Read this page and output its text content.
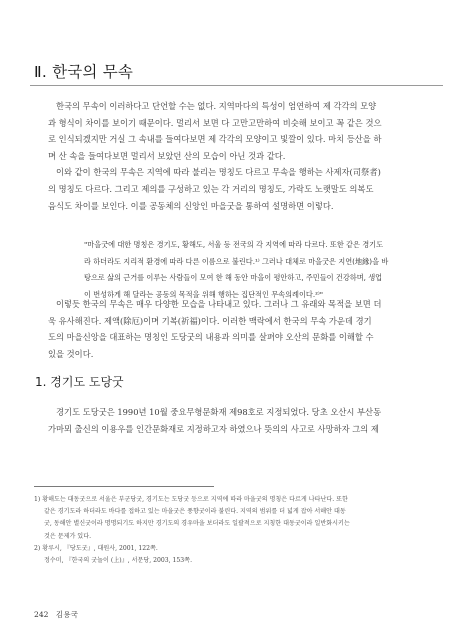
Ⅱ. 한국의 무속
한국의 무속이 이러하다고 단언할 수는 없다. 지역마다의 특성이 엄연하여 제 각각의 모양
과 형식이 차이를 보이기 때문이다. 멀리서 보면 다 고만고만하여 비슷해 보이고 꼭 같은 것으
로 인식되겠지만 거실 그 속내를 들여다보면 제 각각의 모양이고 빛깔이 있다. 마치 등산을 하
며 산 속을 들여다보면 멀리서 보았던 산의 모습이 아닌 것과 같다.
이와 같이 한국의 무속은 지역에 따라 불리는 명칭도 다르고 무속을 행하는 사제자(司祭者)
의 명칭도 다르다. 그리고 제의를 구성하고 있는 각 거리의 명칭도, 가락도 노랫말도 의복도
음식도 차이를 보인다. 이를 공동체의 신앙인 마을굿을 통하여 설명하면 이렇다.
"마을굿에 대한 명칭은 경기도, 황해도, 서울 등 전국의 각 지역에 따라 다르다. 또한 같은 경기도
라 하더라도 지리적 환경에 따라 다른 이름으로 불린다.¹⁾ 그러나 대체로 마을굿은 지연(地緣)을 바
탕으로 삶의 근거를 이루는 사람들이 모여 한 해 동안 마을이 평안하고, 주민들이 건강하며, 생업
이 번성하게 해 달라는 공동의 목적을 위해 행하는 집단적인 무속의례이다.²⁾"
이렇듯 한국의 무속은 매우 다양한 모습을 나타내고 있다. 그러나 그 유래와 목적을 보면 더
욱 유사해진다. 제액(除厄)이며 기복(祈福)이다. 이러한 맥락에서 한국의 무속 가운데 경기
도의 마을신앙을 대표하는 명칭인 도당굿의 내용과 의미를 살펴야 오산의 문화를 이해할 수
있을 것이다.
1. 경기도 도당굿
경기도 도당굿은 1990년 10월 중요무형문화재 제98호로 지정되었다. 당초 오산시 부산동
가마뫼 출신의 이용우를 인간문화재로 지정하고자 하였으나 뜻의의 사고로 사망하자 그의 제
1) 황해도는 대동굿으로 서울은 부군당굿, 경기도는 도당굿 등으로 지역에 따라 마을굿의 명칭은 다르게 나타난다. 또한
같은 경기도라 하더라도 바다를 접하고 있는 마을굿은 풍향굿이라 불린다. 지역의 범위를 더 넓게 잡아 서해안 대동
굿, 동해안 별신굿이라 명명되기도 하지만 경기도의 경우마을 보더라도 일괄적으로 지칭한 대동굿이라 일반화시키는
것은 문제가 있다.
2) 황루시, 『당도굿』, 대원사, 2001, 122쪽.
정수미, 『한국의 굿놀이 (上)』, 서문당, 2003, 153쪽.
242 김용국
